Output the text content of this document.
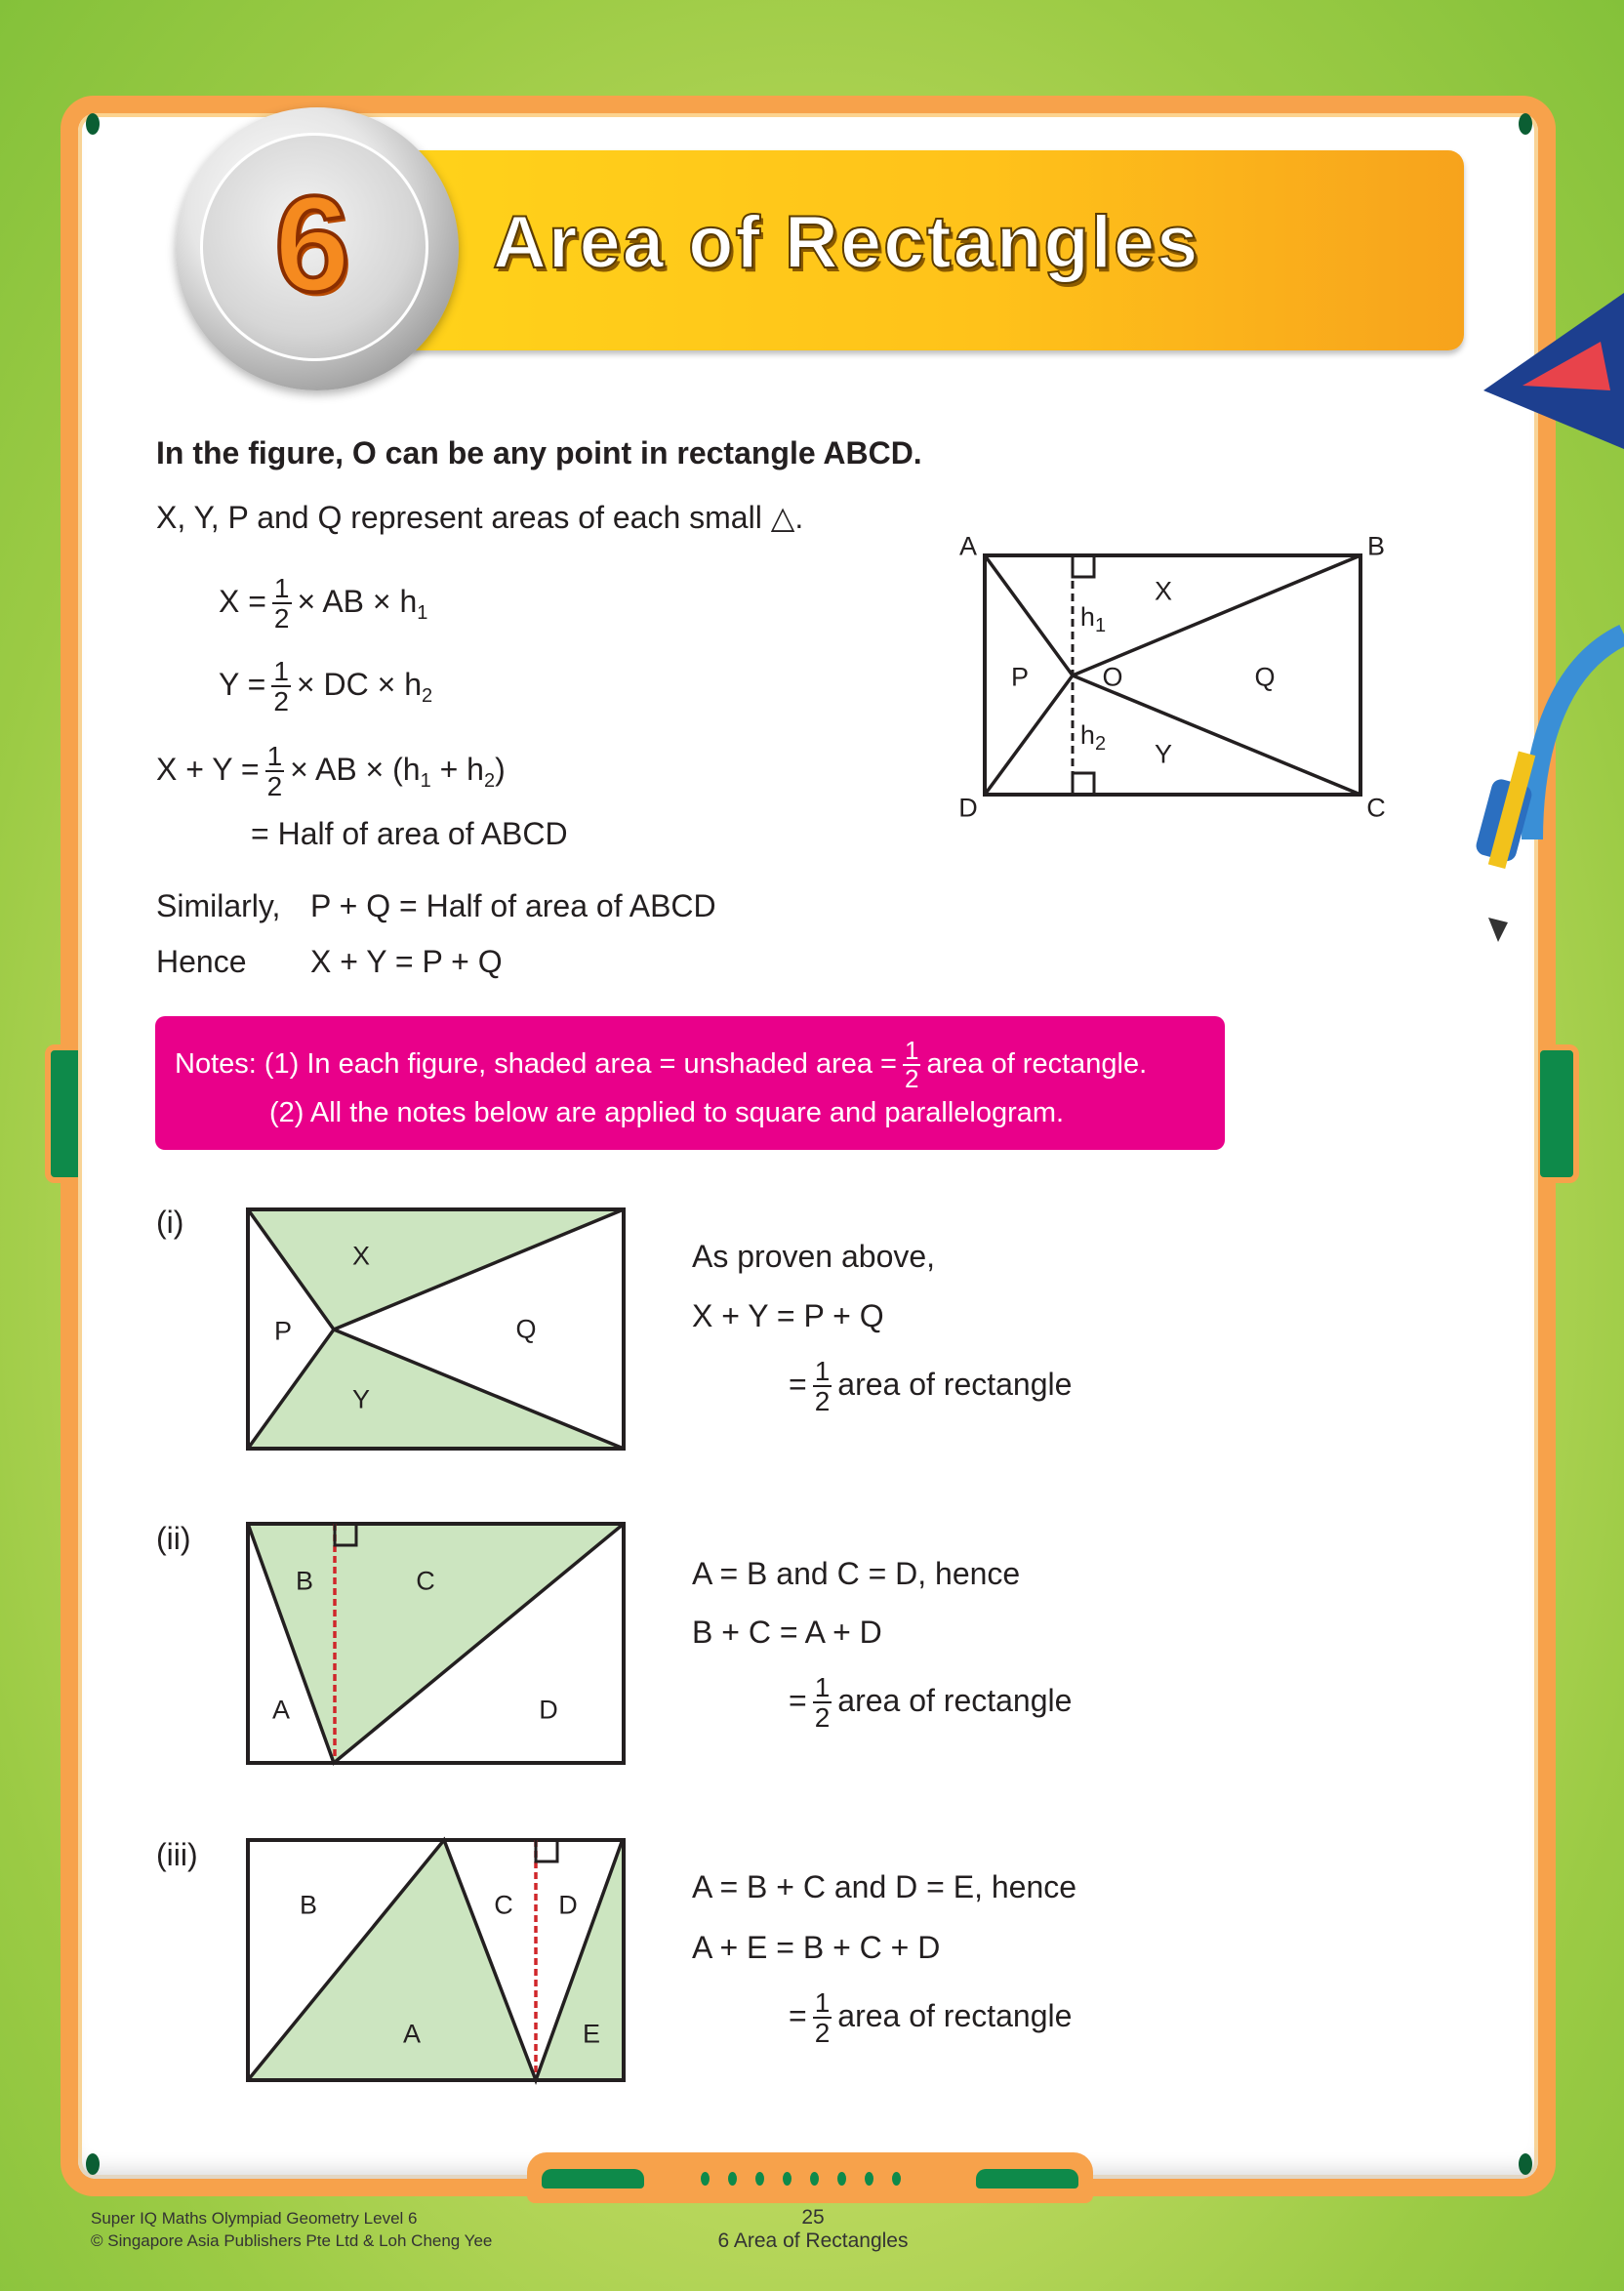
6 Area of Rectangles
In the figure, O can be any point in rectangle ABCD.
X, Y, P and Q represent areas of each small △.
$X = \frac{1}{2}$ × AB × $h_1$
$Y = \frac{1}{2}$ × DC × $h_2$
$X + Y = \frac{1}{2}$ × AB × $(h_1 + h_2)$
= Half of area of ABCD
Similarly, P + Q = Half of area of ABCD
Hence X + Y = P + Q
A	B
C
D
X
P	O	Q
Y
$h_1$
$h_2$
Notes: (1) In each figure, shaded area = unshaded area = $\frac{1}{2}$ area of rectangle.
(2) All the notes below are applied to square and parallelogram.
(i)
X
P	Q
Y
As proven above,
X + Y = P + Q
= $\frac{1}{2}$ area of rectangle
(ii)
B	C
A	D
A = B and C = D, hence
B + C = A + D
= $\frac{1}{2}$ area of rectangle
(iii)
B	C D
A	E
A = B + C and D = E, hence
A + E = B + C + D
= $\frac{1}{2}$ area of rectangle
Super IQ Maths Olympiad Geometry Level 6
© Singapore Asia Publishers Pte Ltd & Loh Cheng Yee
25
6 Area of Rectangles
